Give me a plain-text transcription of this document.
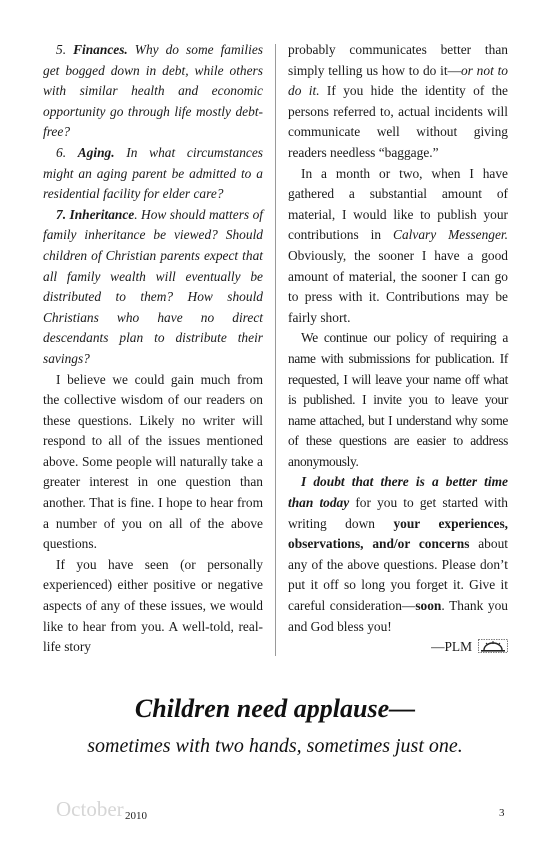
5. Finances. Why do some families get bogged down in debt, while others with similar health and economic opportunity go through life mostly debt-free?

6. Aging. In what circumstances might an aging parent be admitted to a residential facility for elder care?

7. Inheritance. How should matters of family inheritance be viewed? Should children of Christian parents expect that all family wealth will eventually be distributed to them? How should Christians who have no direct descendants plan to distribute their savings?

I believe we could gain much from the collective wisdom of our readers on these questions. Likely no writer will respond to all of the issues mentioned above. Some people will naturally take a greater interest in one question than another. That is fine. I hope to hear from a number of you on all of the above questions.

If you have seen (or personally experienced) either positive or negative aspects of any of these issues, we would like to hear from you. A well-told, real-life story

probably communicates better than simply telling us how to do it—or not to do it. If you hide the identity of the persons referred to, actual incidents will communicate well without giving readers needless “baggage.”

In a month or two, when I have gathered a substantial amount of material, I would like to publish your contributions in Calvary Messenger. Obviously, the sooner I have a good amount of material, the sooner I can go to press with it. Contributions may be fairly short.

We continue our policy of requiring a name with submissions for publication. If requested, I will leave your name off what is published. I invite you to leave your name attached, but I understand why some of these questions are easier to address anonymously.

I doubt that there is a better time than today for you to get started with writing down your experiences, observations, and/or concerns about any of the above questions. Please don’t put it off so long you forget it. Give it careful consideration—soon. Thank you and God bless you!

—PLM

Children need applause—
sometimes with two hands, sometimes just one.
October 2010	3
